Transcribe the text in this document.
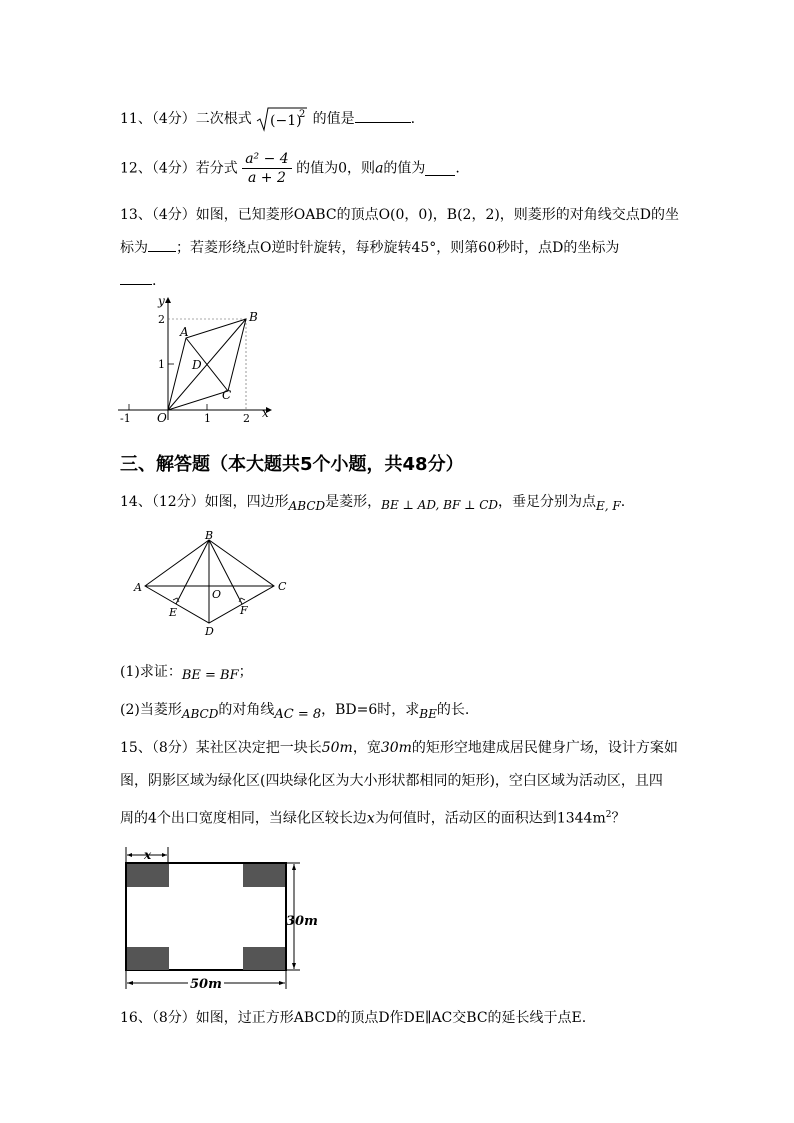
11、（4分）二次根式 (−1)
2 的值是	.
12、（4分）若分式 $\frac{\text{a² − 4}}{a + 2}$ 的值为0，则a的值为 .
13、（4分）如图，已知菱形OABC的顶点O(0，0)，B(2，2)，则菱形的对角线交点D的坐
标为 ；若菱形绕点O逆时针旋转，每秒旋转45°，则第60秒时，点D的坐标为
.
y
x
O
-1	1	2
1
2
A
B
C
D
三、解答题（本大题共5个小题，共48分）
14、（12分）如图，四边形ABCD是菱形，BE ⊥ AD, BF ⊥ CD，垂足分别为点E, F.
A
B
C
D
E	F
O
(1)求证：BE = BF；
(2)当菱形ABCD的对角线AC = 8，BD=6时，求BE的长.
15、（8分）某社区决定把一块长50m，宽30m的矩形空地建成居民健身广场，设计方案如
图，阴影区域为绿化区(四块绿化区为大小形状都相同的矩形)，空白区域为活动区，且四
周的4个出口宽度相同，当绿化区较长边x为何值时，活动区的面积达到$1344m^2$？
x
30m
50m
16、（8分）如图，过正方形ABCD的顶点D作DE∥AC交BC的延长线于点E.
